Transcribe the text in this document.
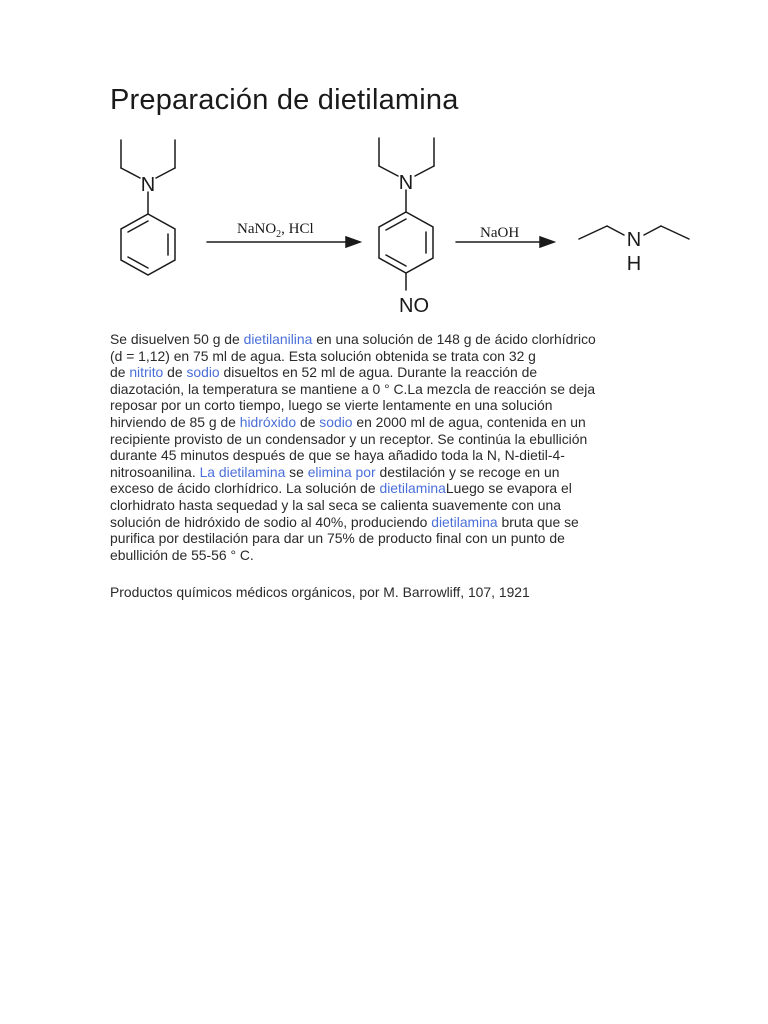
Preparación de dietilamina
N	N
NO
N
H
NaNO$_2$, HCl	NaOH

Se disuelven 50 g de dietilanilina en una solución de 148 g de ácido clorhídrico
(d = 1,12) en 75 ml de agua. Esta solución obtenida se trata con 32 g
de nitrito de sodio disueltos en 52 ml de agua. Durante la reacción de
diazotación, la temperatura se mantiene a 0 ° C.La mezcla de reacción se deja
reposar por un corto tiempo, luego se vierte lentamente en una solución
hirviendo de 85 g de hidróxido de sodio en 2000 ml de agua, contenida en un
recipiente provisto de un condensador y un receptor. Se continúa la ebullición
durante 45 minutos después de que se haya añadido toda la N, N-dietil-4-
nitrosoanilina. La dietilamina se elimina por destilación y se recoge en un
exceso de ácido clorhídrico. La solución de dietilaminaLuego se evapora el
clorhidrato hasta sequedad y la sal seca se calienta suavemente con una
solución de hidróxido de sodio al 40%, produciendo dietilamina bruta que se
purifica por destilación para dar un 75% de producto final con un punto de
ebullición de 55-56 ° C.

Productos químicos médicos orgánicos, por M. Barrowliff, 107, 1921
